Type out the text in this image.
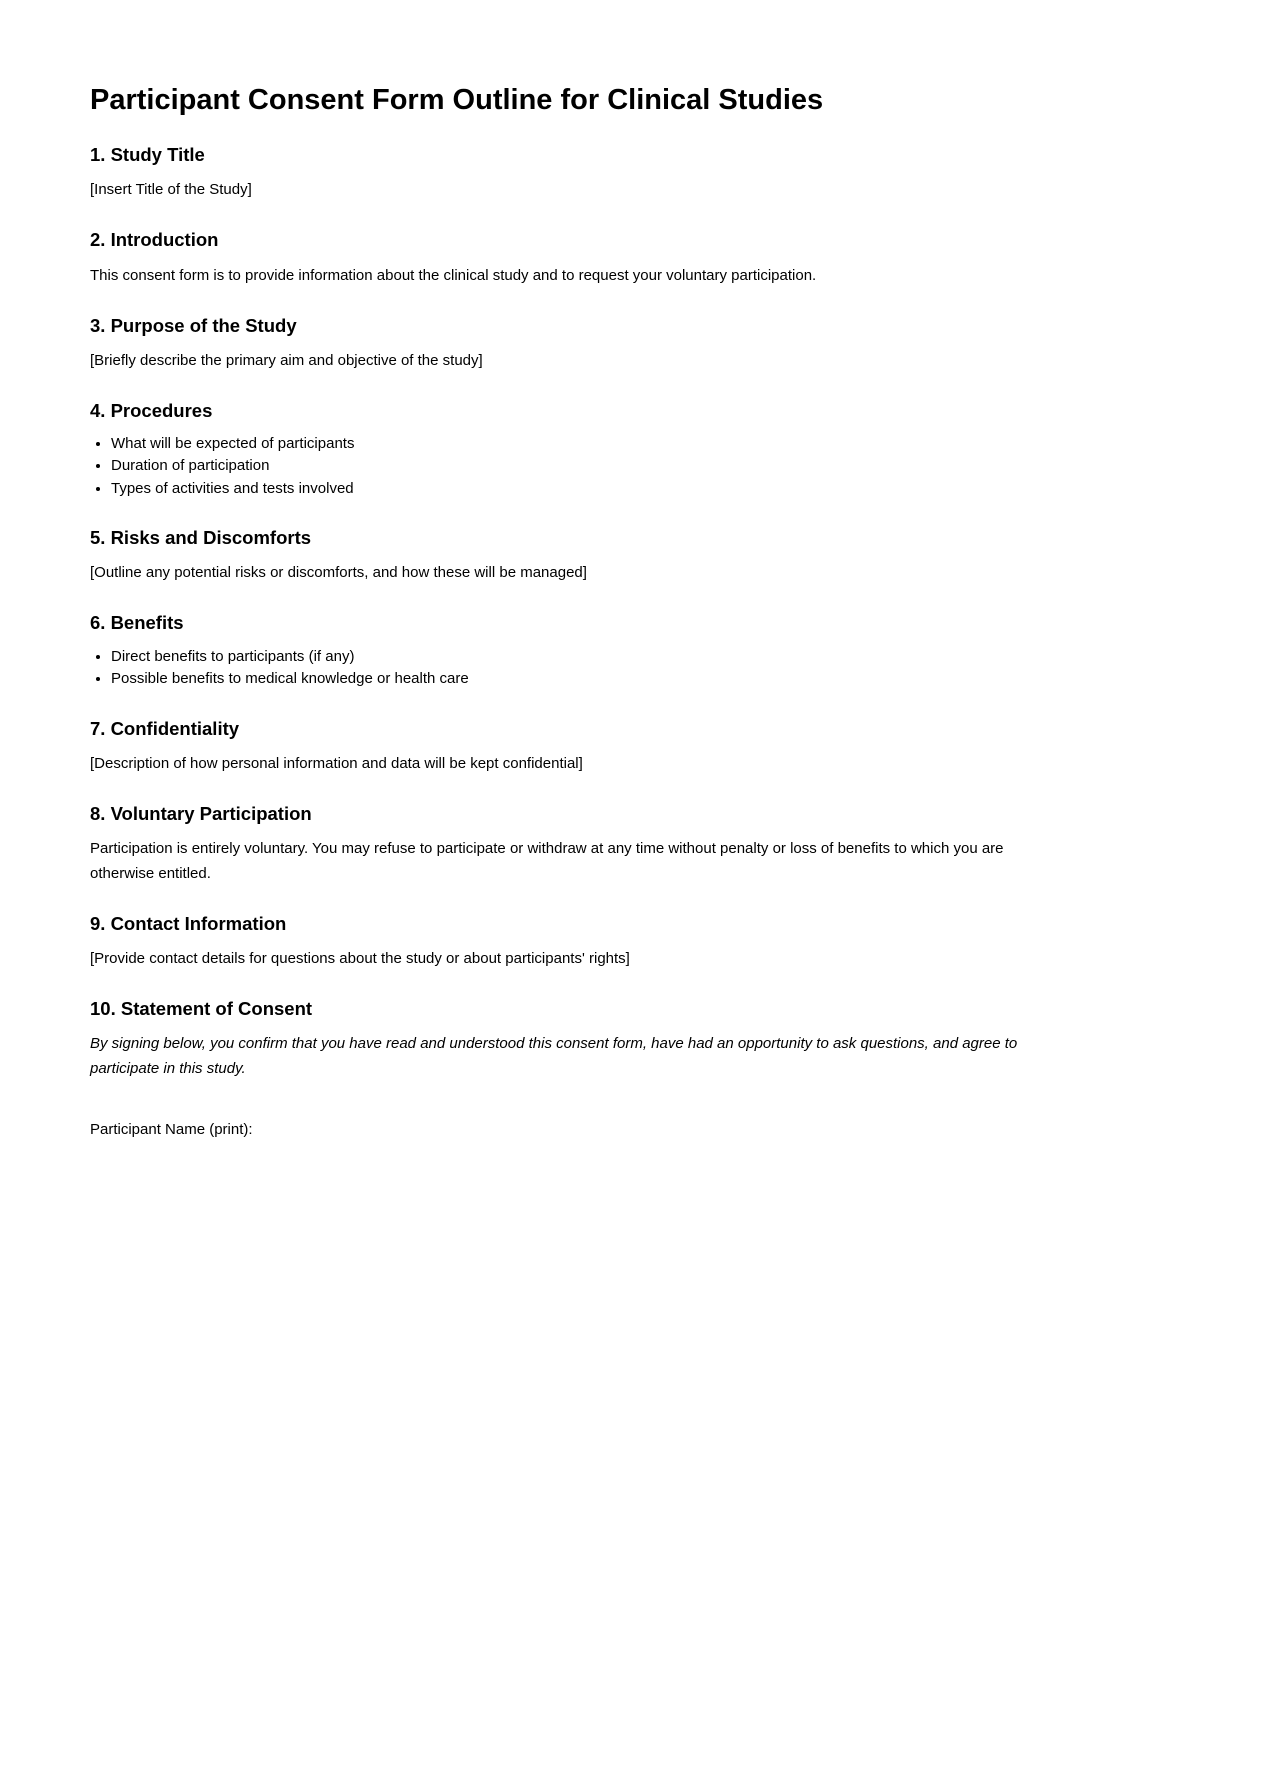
Participant Consent Form Outline for Clinical Studies
1. Study Title

[Insert Title of the Study]

2. Introduction

This consent form is to provide information about the clinical study and to request your voluntary participation.

3. Purpose of the Study

[Briefly describe the primary aim and objective of the study]

4. Procedures
• What will be expected of participants
• Duration of participation
• Types of activities and tests involved
5. Risks and Discomforts

[Outline any potential risks or discomforts, and how these will be managed]

6. Benefits
• Direct benefits to participants (if any)
• Possible benefits to medical knowledge or health care
7. Confidentiality

[Description of how personal information and data will be kept confidential]

8. Voluntary Participation

Participation is entirely voluntary. You may refuse to participate or withdraw at any time without penalty or loss of benefits to which you are otherwise entitled.

9. Contact Information

[Provide contact details for questions about the study or about participants' rights]

10. Statement of Consent

By signing below, you confirm that you have read and understood this consent form, have had an opportunity to ask questions, and agree to participate in this study.

Participant Name (print):
